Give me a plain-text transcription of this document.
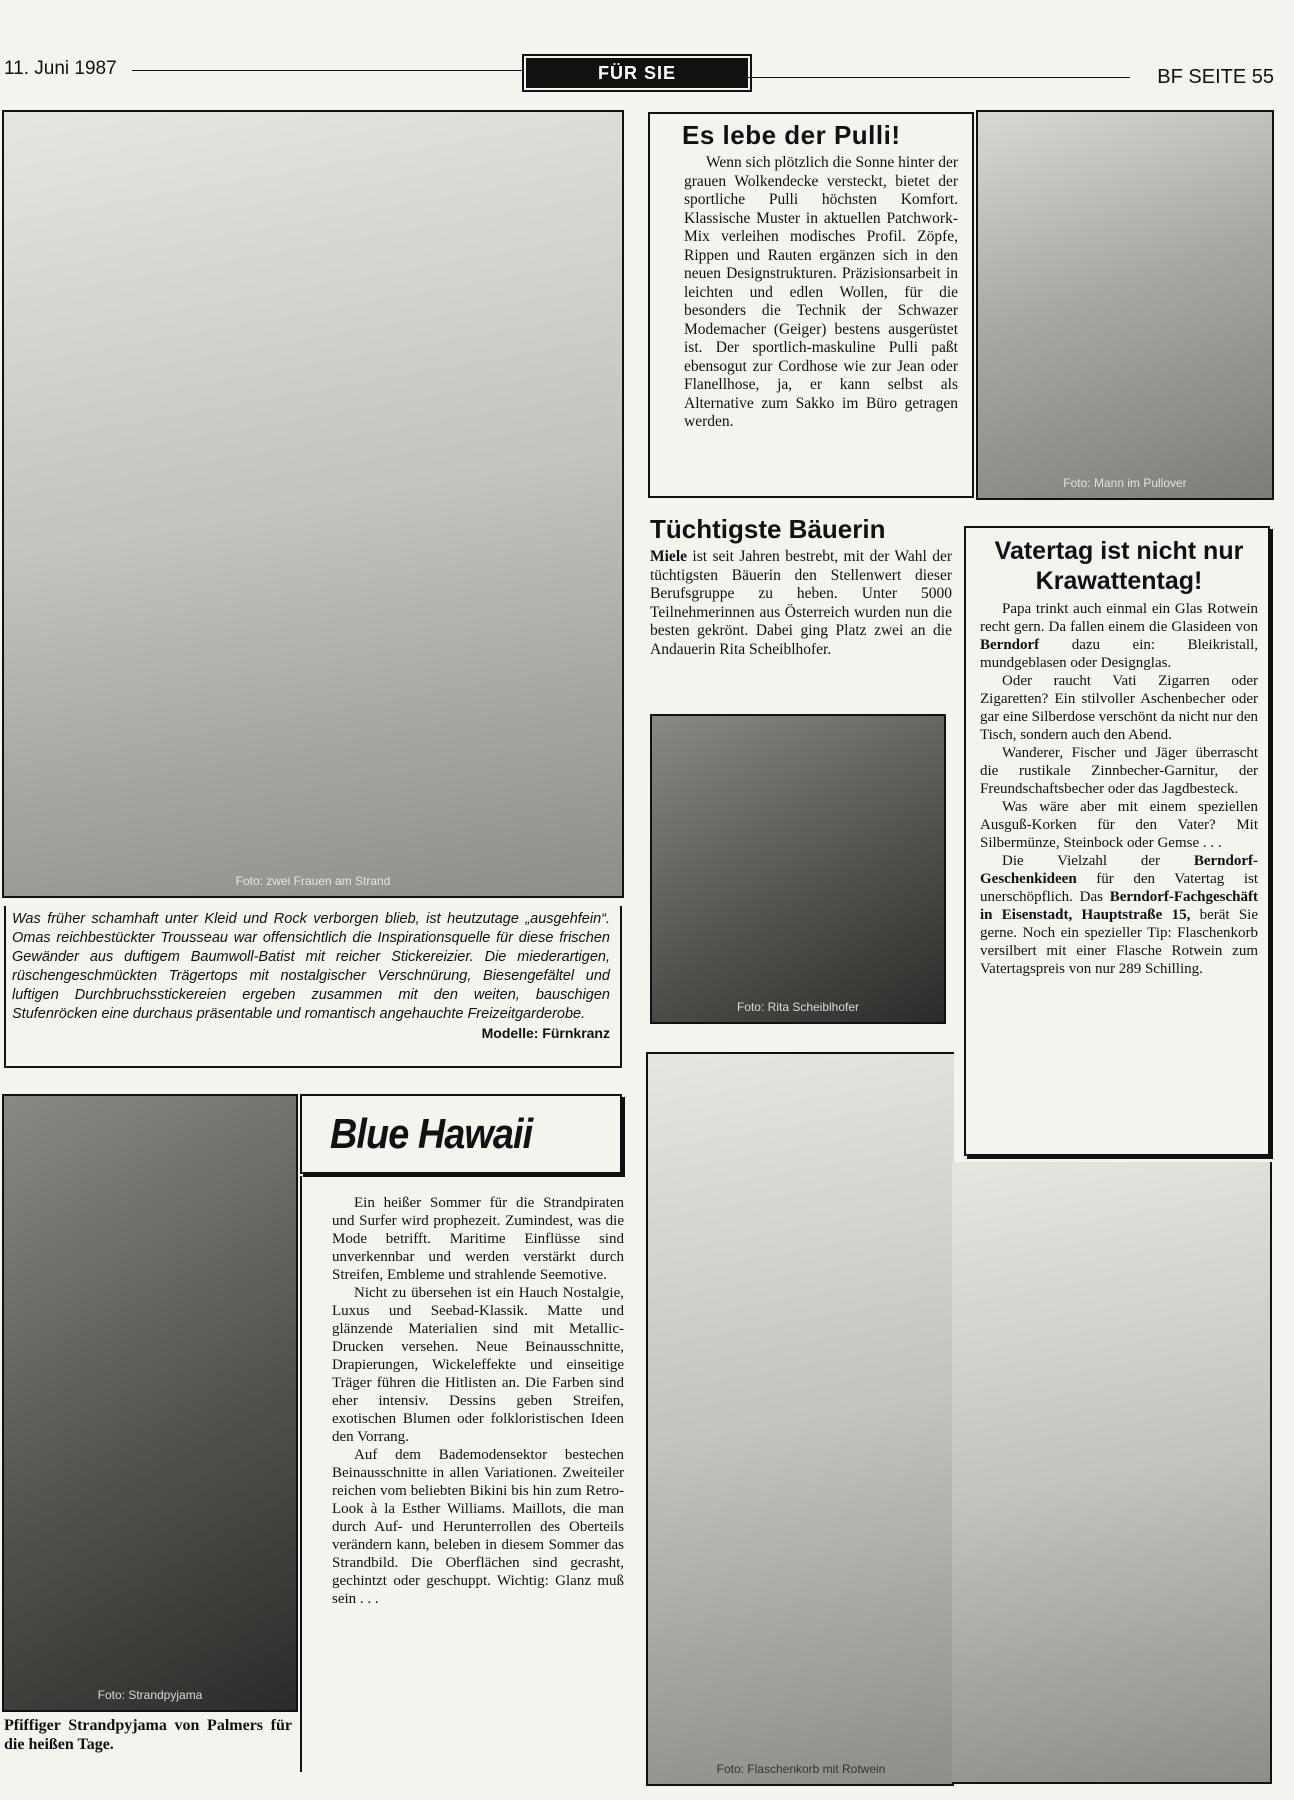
11. Juni 1987	FÜR SIE	BF SEITE 55
Foto: zwei Frauen am Strand
Was früher schamhaft unter Kleid und Rock verborgen blieb, ist heutzutage „ausgehfein“. Omas reichbestückter Trousseau war offensichtlich die Inspirationsquelle für diese frischen Gewänder aus duftigem Baumwoll-Batist mit reicher Stickereizier. Die miederartigen, rüschengeschmückten Trägertops mit nostalgischer Verschnürung, Biesengefältel und luftigen Durchbruchsstickereien ergeben zusammen mit den weiten, bauschigen Stufenröcken eine durchaus präsentable und romantisch angehauchte Freizeitgarderobe.
Modelle: Fürnkranz
Es lebe der Pulli!

Wenn sich plötzlich die Sonne hinter der grauen Wolkendecke versteckt, bietet der sportliche Pulli höchsten Komfort. Klassische Muster in aktuellen Patchwork-Mix verleihen modisches Profil. Zöpfe, Rippen und Rauten ergänzen sich in den neuen Designstrukturen. Präzisionsarbeit in leichten und edlen Wollen, für die besonders die Technik der Schwazer Modemacher (Geiger) bestens ausgerüstet ist. Der sportlich-maskuline Pulli paßt ebensogut zur Cordhose wie zur Jean oder Flanellhose, ja, er kann selbst als Alternative zum Sakko im Büro getragen werden.

Foto: Mann im Pullover
Tüchtigste Bäuerin

Miele ist seit Jahren bestrebt, mit der Wahl der tüchtigsten Bäuerin den Stellenwert dieser Berufsgruppe zu heben. Unter 5000 Teilnehmerinnen aus Österreich wurden nun die besten gekrönt. Dabei ging Platz zwei an die Andauerin Rita Scheiblhofer.

Foto: Rita Scheiblhofer
Vatertag ist nicht nur Krawattentag!

Papa trinkt auch einmal ein Glas Rotwein recht gern. Da fallen einem die Glasideen von Berndorf dazu ein: Bleikristall, mundgeblasen oder Designglas.

Oder raucht Vati Zigarren oder Zigaretten? Ein stilvoller Aschenbecher oder gar eine Silberdose verschönt da nicht nur den Tisch, sondern auch den Abend.

Wanderer, Fischer und Jäger überrascht die rustikale Zinnbecher-Garnitur, der Freundschaftsbecher oder das Jagdbesteck.

Was wäre aber mit einem speziellen Ausguß-Korken für den Vater? Mit Silbermünze, Steinbock oder Gemse . . .

Die Vielzahl der Berndorf-Geschenkideen für den Vatertag ist unerschöpflich. Das Berndorf-Fachgeschäft in Eisenstadt, Hauptstraße 15, berät Sie gerne. Noch ein spezieller Tip: Flaschenkorb versilbert mit einer Flasche Rotwein zum Vatertagspreis von nur 289 Schilling.

Foto: Flaschenkorb mit Rotwein
Foto: Strandpyjama
Pfiffiger Strandpyjama von Palmers für die heißen Tage.
Blue Hawaii

Ein heißer Sommer für die Strandpiraten und Surfer wird prophezeit. Zumindest, was die Mode betrifft. Maritime Einflüsse sind unverkennbar und werden verstärkt durch Streifen, Embleme und strahlende Seemotive.

Nicht zu übersehen ist ein Hauch Nostalgie, Luxus und Seebad-Klassik. Matte und glänzende Materialien sind mit Metallic-Drucken versehen. Neue Beinausschnitte, Drapierungen, Wickeleffekte und einseitige Träger führen die Hitlisten an. Die Farben sind eher intensiv. Dessins geben Streifen, exotischen Blumen oder folkloristischen Ideen den Vorrang.

Auf dem Bademodensektor bestechen Beinausschnitte in allen Variationen. Zweiteiler reichen vom beliebten Bikini bis hin zum Retro-Look à la Esther Williams. Maillots, die man durch Auf- und Herunterrollen des Oberteils verändern kann, beleben in diesem Sommer das Strandbild. Die Oberflächen sind gecrasht, gechintzt oder geschuppt. Wichtig: Glanz muß sein . . .
